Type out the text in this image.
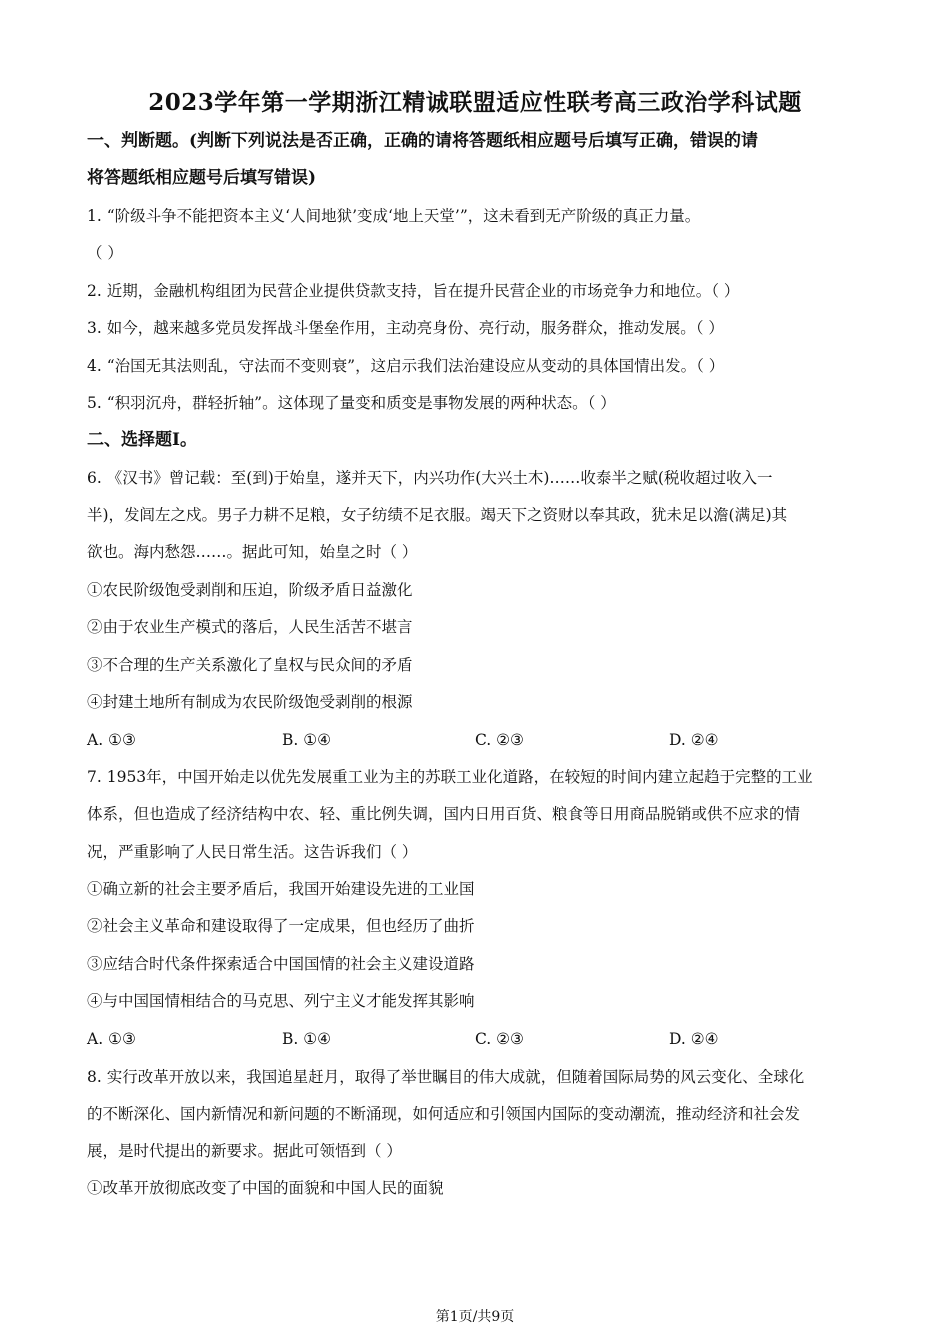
2023学年第一学期浙江精诚联盟适应性联考高三政治学科试题
一、判断题。(判断下列说法是否正确，正确的请将答题纸相应题号后填写正确，错误的请
将答题纸相应题号后填写错误)
1. “阶级斗争不能把资本主义‘人间地狱’变成‘地上天堂’”，这未看到无产阶级的真正力量。
（ ）
2. 近期，金融机构组团为民营企业提供贷款支持，旨在提升民营企业的市场竞争力和地位。（ ）
3. 如今，越来越多党员发挥战斗堡垒作用，主动亮身份、亮行动，服务群众，推动发展。（ ）
4. “治国无其法则乱，守法而不变则衰”，这启示我们法治建设应从变动的具体国情出发。（ ）
5. “积羽沉舟，群轻折轴”。这体现了量变和质变是事物发展的两种状态。（ ）
二、选择题Ⅰ。
6. 《汉书》曾记载：至(到)于始皇，遂并天下，内兴功作(大兴土木)……收泰半之赋(税收超过收入一
半)，发闾左之戍。男子力耕不足粮，女子纺绩不足衣服。竭天下之资财以奉其政，犹未足以澹(满足)其
欲也。海内愁怨……。据此可知，始皇之时（ ）
①农民阶级饱受剥削和压迫，阶级矛盾日益激化
②由于农业生产模式的落后，人民生活苦不堪言
③不合理的生产关系激化了皇权与民众间的矛盾
④封建土地所有制成为农民阶级饱受剥削的根源
A. ①③	B. ①④	C. ②③	D. ②④
7. 1953年，中国开始走以优先发展重工业为主的苏联工业化道路，在较短的时间内建立起趋于完整的工业
体系，但也造成了经济结构中农、轻、重比例失调，国内日用百货、粮食等日用商品脱销或供不应求的情
况，严重影响了人民日常生活。这告诉我们（ ）
①确立新的社会主要矛盾后，我国开始建设先进的工业国
②社会主义革命和建设取得了一定成果，但也经历了曲折
③应结合时代条件探索适合中国国情的社会主义建设道路
④与中国国情相结合的马克思、列宁主义才能发挥其影响
A. ①③	B. ①④	C. ②③	D. ②④
8. 实行改革开放以来，我国追星赶月，取得了举世瞩目的伟大成就，但随着国际局势的风云变化、全球化
的不断深化、国内新情况和新问题的不断涌现，如何适应和引领国内国际的变动潮流，推动经济和社会发
展，是时代提出的新要求。据此可领悟到（ ）
①改革开放彻底改变了中国的面貌和中国人民的面貌
第1页/共9页
